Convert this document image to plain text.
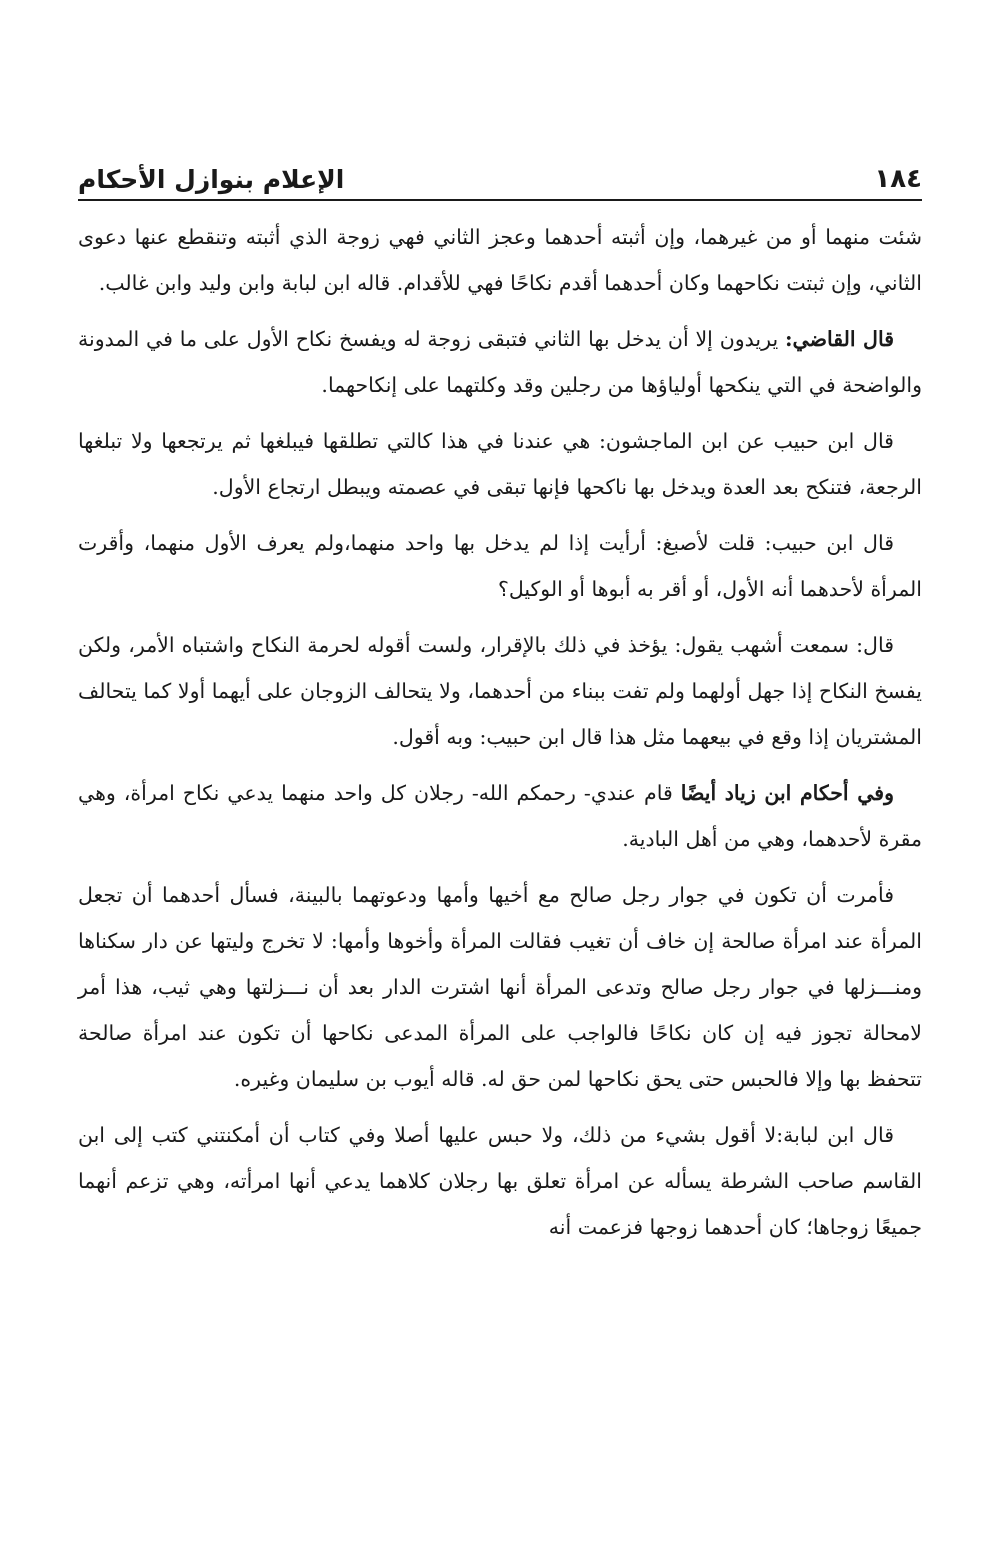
١٨٤
الإعلام بنوازل الأحكام

شئت منهما أو من غيرهما، وإن أثبته أحدهما وعجز الثاني فهي زوجة الذي أثبته وتنقطع عنها دعوى الثاني، وإن ثبتت نكاحهما وكان أحدهما أقدم نكاحًا فهي للأقدام. قاله ابن لبابة وابن وليد وابن غالب.

قال القاضي: يريدون إلا أن يدخل بها الثاني فتبقى زوجة له ويفسخ نكاح الأول على ما في المدونة والواضحة في التي ينكحها أولياؤها من رجلين وقد وكلتهما على إنكاحهما.

قال ابن حبيب عن ابن الماجشون: هي عندنا في هذا كالتي تطلقها فيبلغها ثم يرتجعها ولا تبلغها الرجعة، فتنكح بعد العدة ويدخل بها ناكحها فإنها تبقى في عصمته ويبطل ارتجاع الأول.

قال ابن حبيب: قلت لأصبغ: أرأيت إذا لم يدخل بها واحد منهما،ولم يعرف الأول منهما، وأقرت المرأة لأحدهما أنه الأول، أو أقر به أبوها أو الوكيل؟

قال: سمعت أشهب يقول: يؤخذ في ذلك بالإقرار، ولست أقوله لحرمة النكاح واشتباه الأمر، ولكن يفسخ النكاح إذا جهل أولهما ولم تفت ببناء من أحدهما، ولا يتحالف الزوجان على أيهما أولا كما يتحالف المشتريان إذا وقع في بيعهما مثل هذا قال ابن حبيب: وبه أقول.

وفي أحكام ابن زياد أيضًا قام عندي- رحمكم الله- رجلان كل واحد منهما يدعي نكاح امرأة، وهي مقرة لأحدهما، وهي من أهل البادية.

فأمرت أن تكون في جوار رجل صالح مع أخيها وأمها ودعوتهما بالبينة، فسأل أحدهما أن تجعل المرأة عند امرأة صالحة إن خاف أن تغيب فقالت المرأة وأخوها وأمها: لا تخرج وليتها عن دار سكناها ومنـــزلها في جوار رجل صالح وتدعى المرأة أنها اشترت الدار بعد أن نـــزلتها وهي ثيب، هذا أمر لامحالة تجوز فيه إن كان نكاحًا فالواجب على المرأة المدعى نكاحها أن تكون عند امرأة صالحة تتحفظ بها وإلا فالحبس حتى يحق نكاحها لمن حق له. قاله أيوب بن سليمان وغيره.

قال ابن لبابة:لا أقول بشيء من ذلك، ولا حبس عليها أصلا وفي كتاب أن أمكنتني كتب إلى ابن القاسم صاحب الشرطة يسأله عن امرأة تعلق بها رجلان كلاهما يدعي أنها امرأته، وهي تزعم أنهما جميعًا زوجاها؛ كان أحدهما زوجها فزعمت أنه
